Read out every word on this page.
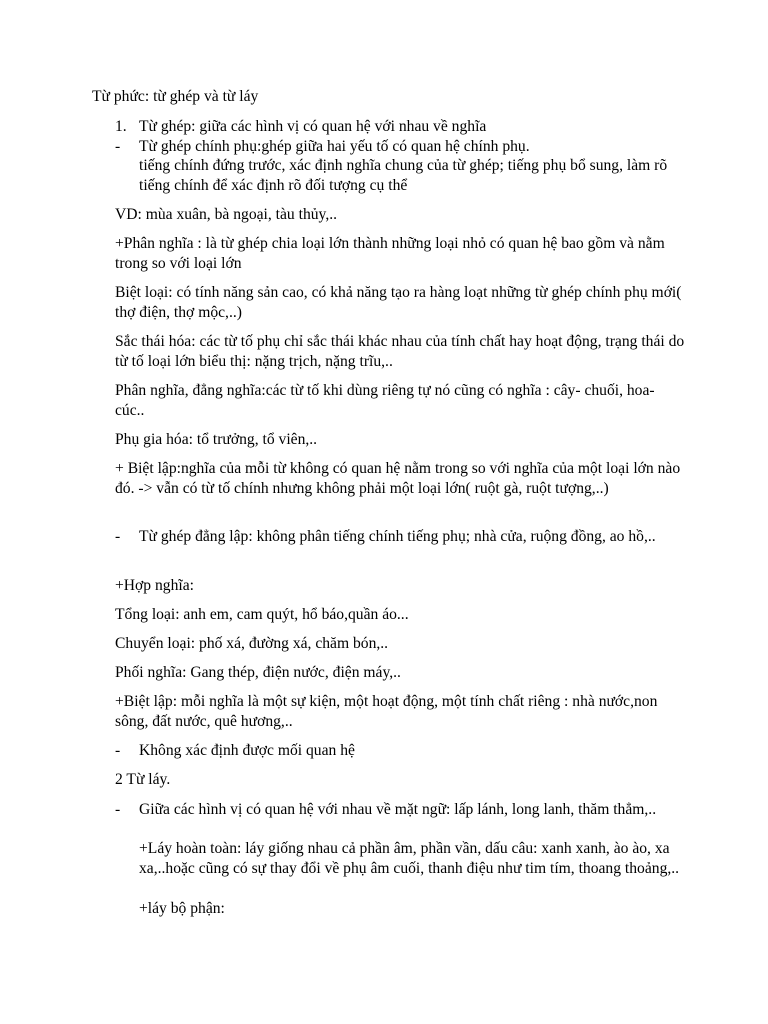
Từ phức: từ ghép và từ láy

1. Từ ghép: giữa các hình vị có quan hệ với nhau về nghĩa
- Từ ghép chính phụ:ghép giữa hai yếu tố có quan hệ chính phụ.

tiếng chính đứng trước, xác định nghĩa chung của từ ghép; tiếng phụ bổ sung, làm rõ tiếng chính để xác định rõ đối tượng cụ thể

VD: mùa xuân, bà ngoại, tàu thủy,..

+Phân nghĩa : là từ ghép chia loại lớn thành những loại nhỏ có quan hệ bao gồm và nằm trong so với loại lớn

Biệt loại: có tính năng sản cao, có khả năng tạo ra hàng loạt những từ ghép chính phụ mới( thợ điện, thợ mộc,..)

Sắc thái hóa: các từ tố phụ chỉ sắc thái khác nhau của tính chất hay hoạt động, trạng thái do từ tố loại lớn biểu thị: nặng trịch, nặng trĩu,..

Phân nghĩa, đẳng nghĩa:các từ tố khi dùng riêng tự nó cũng có nghĩa : cây- chuối, hoa- cúc..

Phụ gia hóa: tổ trưởng, tổ viên,..

+ Biệt lập:nghĩa của mỗi từ không có quan hệ nằm trong so với nghĩa của một loại lớn nào đó. -> vẫn có từ tố chính nhưng không phải một loại lớn( ruột gà, ruột tượng,..)

- Từ ghép đẳng lập: không phân tiếng chính tiếng phụ; nhà cửa, ruộng đồng, ao hồ,..

+Hợp nghĩa:

Tổng loại: anh em, cam quýt, hổ báo,quần áo...

Chuyển loại: phố xá, đường xá, chăm bón,..

Phối nghĩa: Gang thép, điện nước, điện máy,..

+Biệt lập: mỗi nghĩa là một sự kiện, một hoạt động, một tính chất riêng : nhà nước,non sông, đất nước, quê hương,..

- Không xác định được mối quan hệ

2 Từ láy.

- Giữa các hình vị có quan hệ với nhau về mặt ngữ: lấp lánh, long lanh, thăm thẳm,..

+Láy hoàn toàn: láy giống nhau cả phần âm, phần vần, dấu câu: xanh xanh, ào ào, xa xa,..hoặc cũng có sự thay đổi về phụ âm cuối, thanh điệu như tim tím, thoang thoảng,..

+láy bộ phận:
